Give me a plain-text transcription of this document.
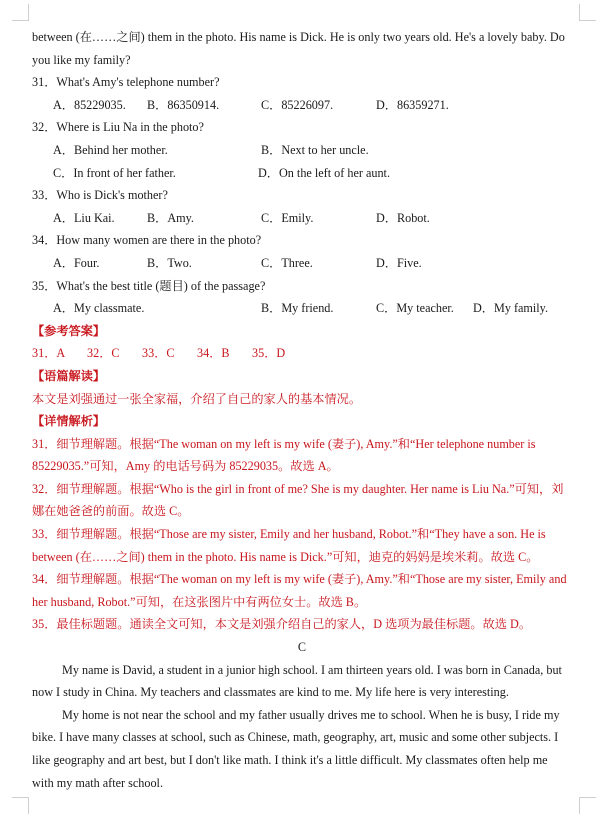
between (在……之间) them in the photo. His name is Dick. He is only two years old. He's a lovely baby. Do you like my family?

31．What's Amy's telephone number?

A．85229035. B．86350914.	C．85226097.	D．86359271.

32．Where is Liu Na in the photo?

A．Behind her mother.	B．Next to her uncle.
C．In front of her father.	D．On the left of her aunt.

33．Who is Dick's mother?

A．Liu Kai.	B．Amy.	C．Emily.	D．Robot.

34．How many women are there in the photo?

A．Four.	B．Two.	C．Three.	D．Five.

35．What's the best title (题目) of the passage?

A．My classmate.	B．My friend.	C．My teacher. D．My family.

【参考答案】

31．A 32．C 33．C 34．B 35．D

【语篇解读】

本文是刘强通过一张全家福，介绍了自己的家人的基本情况。

【详情解析】

31．细节理解题。根据“The woman on my left is my wife (妻子), Amy.”和“Her telephone number is 85229035.”可知，Amy 的电话号码为 85229035。故选 A。

32．细节理解题。根据“Who is the girl in front of me? She is my daughter. Her name is Liu Na.”可知，刘娜在她爸爸的前面。故选 C。

33．细节理解题。根据“Those are my sister, Emily and her husband, Robot.”和“They have a son. He is between (在……之间) them in the photo. His name is Dick.”可知，迪克的妈妈是埃米莉。故选 C。

34．细节理解题。根据“The woman on my left is my wife (妻子), Amy.”和“Those are my sister, Emily and her husband, Robot.”可知，在这张图片中有两位女士。故选 B。

35．最佳标题题。通读全文可知，本文是刘强介绍自己的家人，D 选项为最佳标题。故选 D。

C

My name is David, a student in a junior high school. I am thirteen years old. I was born in Canada, but now I study in China. My teachers and classmates are kind to me. My life here is very interesting.

My home is not near the school and my father usually drives me to school. When he is busy, I ride my bike. I have many classes at school, such as Chinese, math, geography, art, music and some other subjects. I like geography and art best, but I don't like math. I think it's a little difficult. My classmates often help me with my math after school.
